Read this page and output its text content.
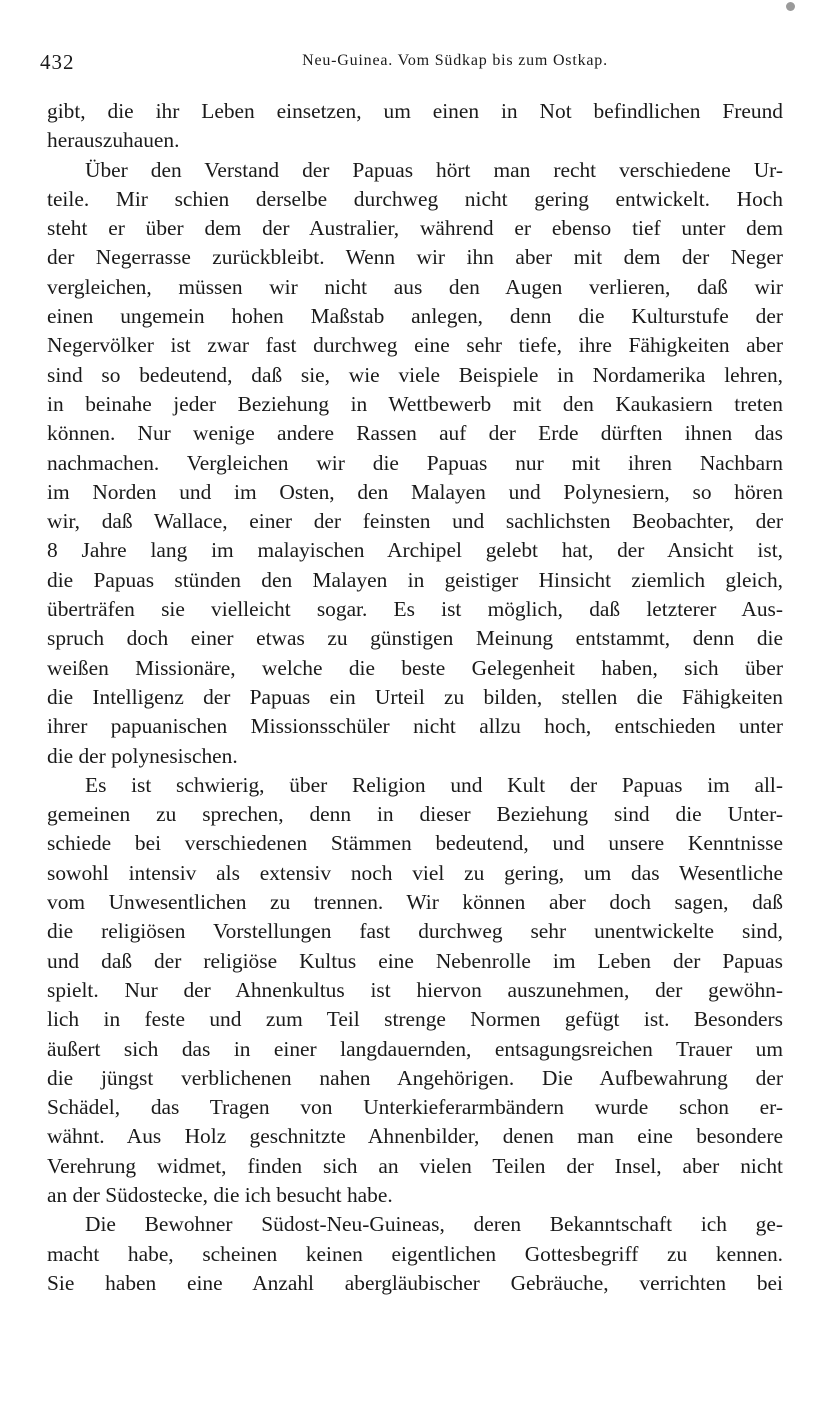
432	Neu-Guinea. Vom Südkap bis zum Ostkap.
gibt, die ihr Leben einsetzen, um einen in Not befindlichen Freund
herauszuhauen.
Über den Verstand der Papuas hört man recht verschiedene Ur-
teile. Mir schien derselbe durchweg nicht gering entwickelt. Hoch
steht er über dem der Australier, während er ebenso tief unter dem
der Negerrasse zurückbleibt. Wenn wir ihn aber mit dem der Neger
vergleichen, müssen wir nicht aus den Augen verlieren, daß wir
einen ungemein hohen Maßstab anlegen, denn die Kulturstufe der
Negervölker ist zwar fast durchweg eine sehr tiefe, ihre Fähigkeiten aber
sind so bedeutend, daß sie, wie viele Beispiele in Nordamerika lehren,
in beinahe jeder Beziehung in Wettbewerb mit den Kaukasiern treten
können. Nur wenige andere Rassen auf der Erde dürften ihnen das
nachmachen. Vergleichen wir die Papuas nur mit ihren Nachbarn
im Norden und im Osten, den Malayen und Polynesiern, so hören
wir, daß Wallace, einer der feinsten und sachlichsten Beobachter, der
8 Jahre lang im malayischen Archipel gelebt hat, der Ansicht ist,
die Papuas stünden den Malayen in geistiger Hinsicht ziemlich gleich,
überträfen sie vielleicht sogar. Es ist möglich, daß letzterer Aus-
spruch doch einer etwas zu günstigen Meinung entstammt, denn die
weißen Missionäre, welche die beste Gelegenheit haben, sich über
die Intelligenz der Papuas ein Urteil zu bilden, stellen die Fähigkeiten
ihrer papuanischen Missionsschüler nicht allzu hoch, entschieden unter
die der polynesischen.
Es ist schwierig, über Religion und Kult der Papuas im all-
gemeinen zu sprechen, denn in dieser Beziehung sind die Unter-
schiede bei verschiedenen Stämmen bedeutend, und unsere Kenntnisse
sowohl intensiv als extensiv noch viel zu gering, um das Wesentliche
vom Unwesentlichen zu trennen. Wir können aber doch sagen, daß
die religiösen Vorstellungen fast durchweg sehr unentwickelte sind,
und daß der religiöse Kultus eine Nebenrolle im Leben der Papuas
spielt. Nur der Ahnenkultus ist hiervon auszunehmen, der gewöhn-
lich in feste und zum Teil strenge Normen gefügt ist. Besonders
äußert sich das in einer langdauernden, entsagungsreichen Trauer um
die jüngst verblichenen nahen Angehörigen. Die Aufbewahrung der
Schädel, das Tragen von Unterkieferarmbändern wurde schon er-
wähnt. Aus Holz geschnitzte Ahnenbilder, denen man eine besondere
Verehrung widmet, finden sich an vielen Teilen der Insel, aber nicht
an der Südostecke, die ich besucht habe.
Die Bewohner Südost-Neu-Guineas, deren Bekanntschaft ich ge-
macht habe, scheinen keinen eigentlichen Gottesbegriff zu kennen.
Sie haben eine Anzahl abergläubischer Gebräuche, verrichten bei
